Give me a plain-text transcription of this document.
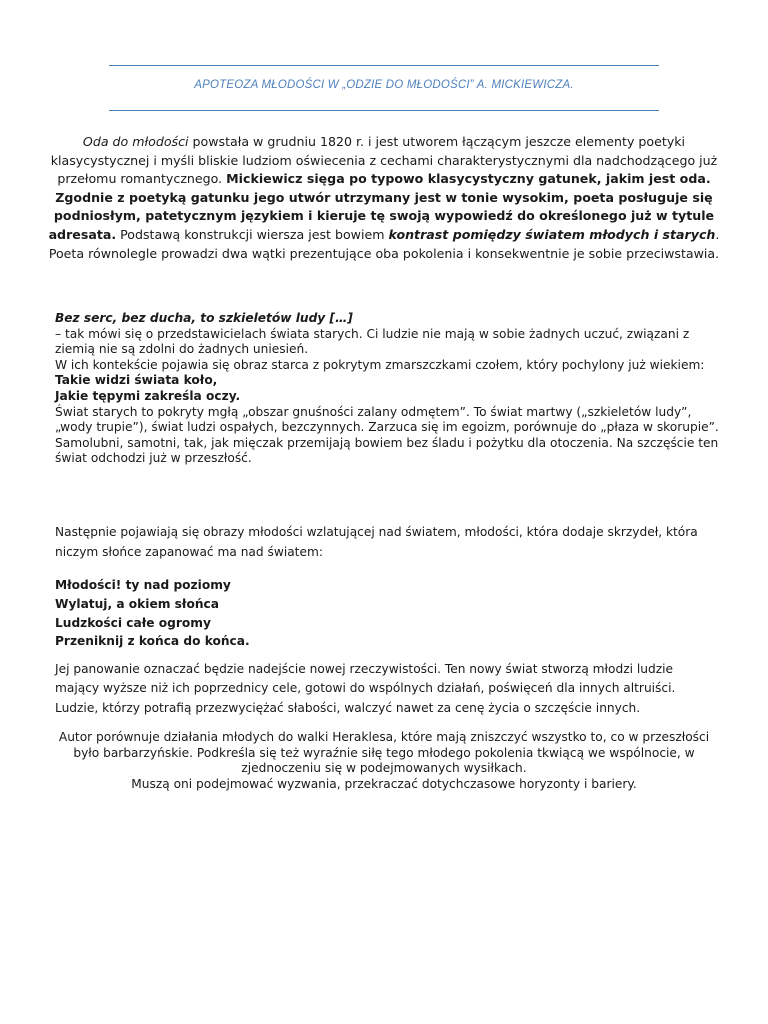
APOTEOZA MŁODOŚCI W „ODZIE DO MŁODOŚCI” A. MICKIEWICZA.
Oda do młodości powstała w grudniu 1820 r. i jest utworem łączącym jeszcze elementy poetyki klasycystycznej i myśli bliskie ludziom oświecenia z cechami charakterystycznymi dla nadchodzącego już przełomu romantycznego. Mickiewicz sięga po typowo klasycystyczny gatunek, jakim jest oda. Zgodnie z poetyką gatunku jego utwór utrzymany jest w tonie wysokim, poeta posługuje się podniosłym, patetycznym językiem i kieruje tę swoją wypowiedź do określonego już w tytule adresata. Podstawą konstrukcji wiersza jest bowiem kontrast pomiędzy światem młodych i starych. Poeta równolegle prowadzi dwa wątki prezentujące oba pokolenia i konsekwentnie je sobie przeciwstawia.
Bez serc, bez ducha, to szkieletów ludy […]
– tak mówi się o przedstawicielach świata starych. Ci ludzie nie mają w sobie żadnych uczuć, związani z ziemią nie są zdolni do żadnych uniesień.
W ich kontekście pojawia się obraz starca z pokrytym zmarszczkami czołem, który pochylony już wiekiem:
Takie widzi świata koło,
Jakie tępymi zakreśla oczy.
Świat starych to pokryty mgłą „obszar gnuśności zalany odmętem”. To świat martwy („szkieletów ludy”, „wody trupie”), świat ludzi ospałych, bezczynnych. Zarzuca się im egoizm, porównuje do „płaza w skorupie”.
Samolubni, samotni, tak, jak mięczak przemijają bowiem bez śladu i pożytku dla otoczenia. Na szczęście ten świat odchodzi już w przeszłość.
Następnie pojawiają się obrazy młodości wzlatującej nad światem, młodości, która dodaje skrzydeł, która niczym słońce zapanować ma nad światem:
Młodości! ty nad poziomy
Wylatuj, a okiem słońca
Ludzkości całe ogromy
Przeniknij z końca do końca.
Jej panowanie oznaczać będzie nadejście nowej rzeczywistości. Ten nowy świat stworzą młodzi ludzie mający wyższe niż ich poprzednicy cele, gotowi do wspólnych działań, poświęceń dla innych altruiści. Ludzie, którzy potrafią przezwyciężać słabości, walczyć nawet za cenę życia o szczęście innych.
Autor porównuje działania młodych do walki Heraklesa, które mają zniszczyć wszystko to, co w przeszłości było barbarzyńskie. Podkreśla się też wyraźnie siłę tego młodego pokolenia tkwiącą we wspólnocie, w zjednoczeniu się w podejmowanych wysiłkach.
Muszą oni podejmować wyzwania, przekraczać dotychczasowe horyzonty i bariery.
